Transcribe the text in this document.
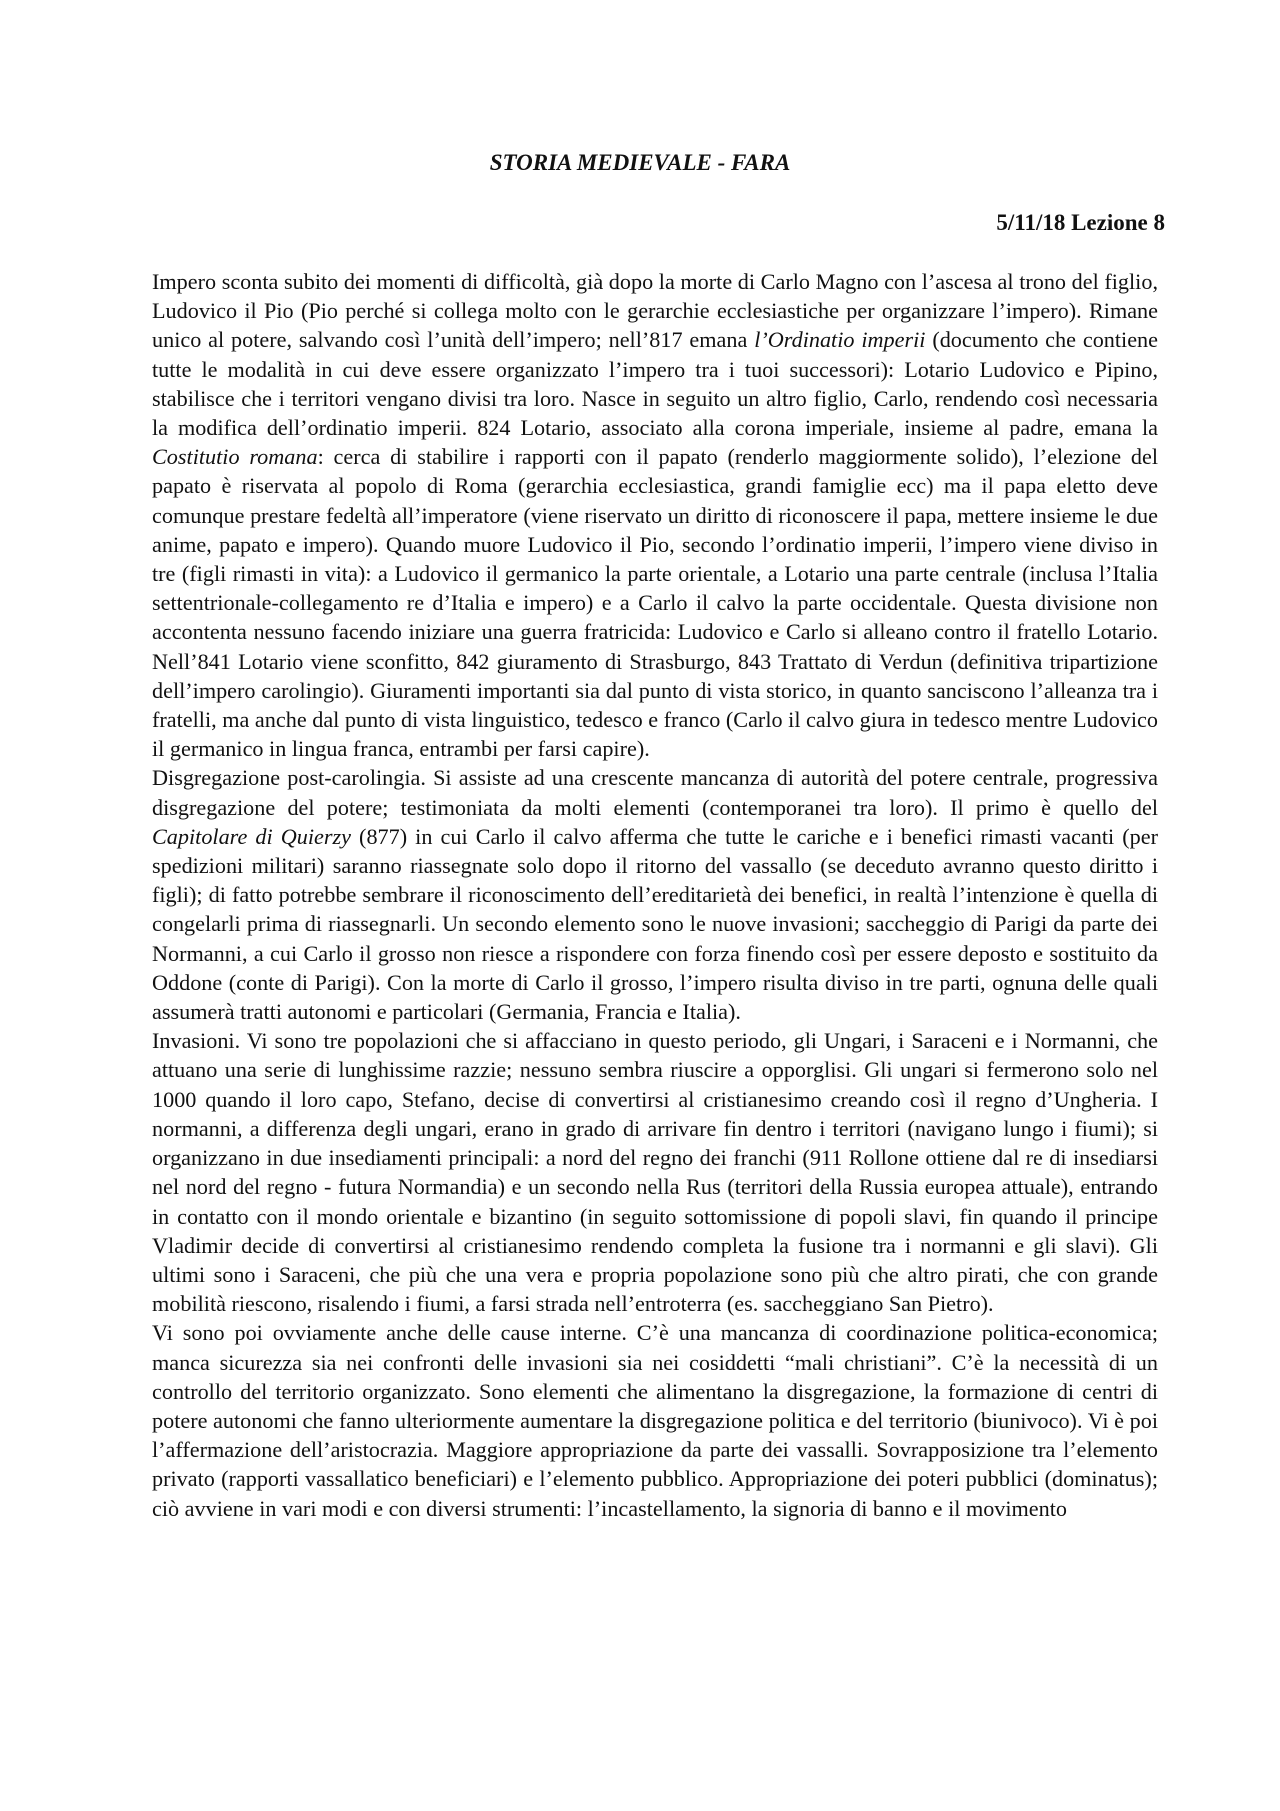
STORIA MEDIEVALE - FARA
5/11/18 Lezione 8

Impero sconta subito dei momenti di difficoltà, già dopo la morte di Carlo Magno con l’ascesa al trono del figlio, Ludovico il Pio (Pio perché si collega molto con le gerarchie ecclesiastiche per organizzare l’impero). Rimane unico al potere, salvando così l’unità dell’impero; nell’817 emana l’Ordinatio imperii (documento che contiene tutte le modalità in cui deve essere organizzato l’impero tra i tuoi successori): Lotario Ludovico e Pipino, stabilisce che i territori vengano divisi tra loro. Nasce in seguito un altro figlio, Carlo, rendendo così necessaria la modifica dell’ordinatio imperii. 824 Lotario, associato alla corona imperiale, insieme al padre, emana la Costitutio romana: cerca di stabilire i rapporti con il papato (renderlo maggiormente solido), l’elezione del papato è riservata al popolo di Roma (gerarchia ecclesiastica, grandi famiglie ecc) ma il papa eletto deve comunque prestare fedeltà all’imperatore (viene riservato un diritto di riconoscere il papa, mettere insieme le due anime, papato e impero). Quando muore Ludovico il Pio, secondo l’ordinatio imperii, l’impero viene diviso in tre (figli rimasti in vita): a Ludovico il germanico la parte orientale, a Lotario una parte centrale (inclusa l’Italia settentrionale-collegamento re d’Italia e impero) e a Carlo il calvo la parte occidentale. Questa divisione non accontenta nessuno facendo iniziare una guerra fratricida: Ludovico e Carlo si alleano contro il fratello Lotario. Nell’841 Lotario viene sconfitto, 842 giuramento di Strasburgo, 843 Trattato di Verdun (definitiva tripartizione dell’impero carolingio). Giuramenti importanti sia dal punto di vista storico, in quanto sanciscono l’alleanza tra i fratelli, ma anche dal punto di vista linguistico, tedesco e franco (Carlo il calvo giura in tedesco mentre Ludovico il germanico in lingua franca, entrambi per farsi capire).

Disgregazione post-carolingia. Si assiste ad una crescente mancanza di autorità del potere centrale, progressiva disgregazione del potere; testimoniata da molti elementi (contemporanei tra loro). Il primo è quello del Capitolare di Quierzy (877) in cui Carlo il calvo afferma che tutte le cariche e i benefici rimasti vacanti (per spedizioni militari) saranno riassegnate solo dopo il ritorno del vassallo (se deceduto avranno questo diritto i figli); di fatto potrebbe sembrare il riconoscimento dell’ereditarietà dei benefici, in realtà l’intenzione è quella di congelarli prima di riassegnarli. Un secondo elemento sono le nuove invasioni; saccheggio di Parigi da parte dei Normanni, a cui Carlo il grosso non riesce a rispondere con forza finendo così per essere deposto e sostituito da Oddone (conte di Parigi). Con la morte di Carlo il grosso, l’impero risulta diviso in tre parti, ognuna delle quali assumerà tratti autonomi e particolari (Germania, Francia e Italia).

Invasioni. Vi sono tre popolazioni che si affacciano in questo periodo, gli Ungari, i Saraceni e i Normanni, che attuano una serie di lunghissime razzie; nessuno sembra riuscire a opporglisi. Gli ungari si fermerono solo nel 1000 quando il loro capo, Stefano, decise di convertirsi al cristianesimo creando così il regno d’Ungheria. I normanni, a differenza degli ungari, erano in grado di arrivare fin dentro i territori (navigano lungo i fiumi); si organizzano in due insediamenti principali: a nord del regno dei franchi (911 Rollone ottiene dal re di insediarsi nel nord del regno - futura Normandia) e un secondo nella Rus (territori della Russia europea attuale), entrando in contatto con il mondo orientale e bizantino (in seguito sottomissione di popoli slavi, fin quando il principe Vladimir decide di convertirsi al cristianesimo rendendo completa la fusione tra i normanni e gli slavi). Gli ultimi sono i Saraceni, che più che una vera e propria popolazione sono più che altro pirati, che con grande mobilità riescono, risalendo i fiumi, a farsi strada nell’entroterra (es. saccheggiano San Pietro).

Vi sono poi ovviamente anche delle cause interne. C’è una mancanza di coordinazione politica-economica; manca sicurezza sia nei confronti delle invasioni sia nei cosiddetti “mali christiani”. C’è la necessità di un controllo del territorio organizzato. Sono elementi che alimentano la disgregazione, la formazione di centri di potere autonomi che fanno ulteriormente aumentare la disgregazione politica e del territorio (biunivoco). Vi è poi l’affermazione dell’aristocrazia. Maggiore appropriazione da parte dei vassalli. Sovrapposizione tra l’elemento privato (rapporti vassallatico beneficiari) e l’elemento pubblico. Appropriazione dei poteri pubblici (dominatus); ciò avviene in vari modi e con diversi strumenti: l’incastellamento, la signoria di banno e il movimento
